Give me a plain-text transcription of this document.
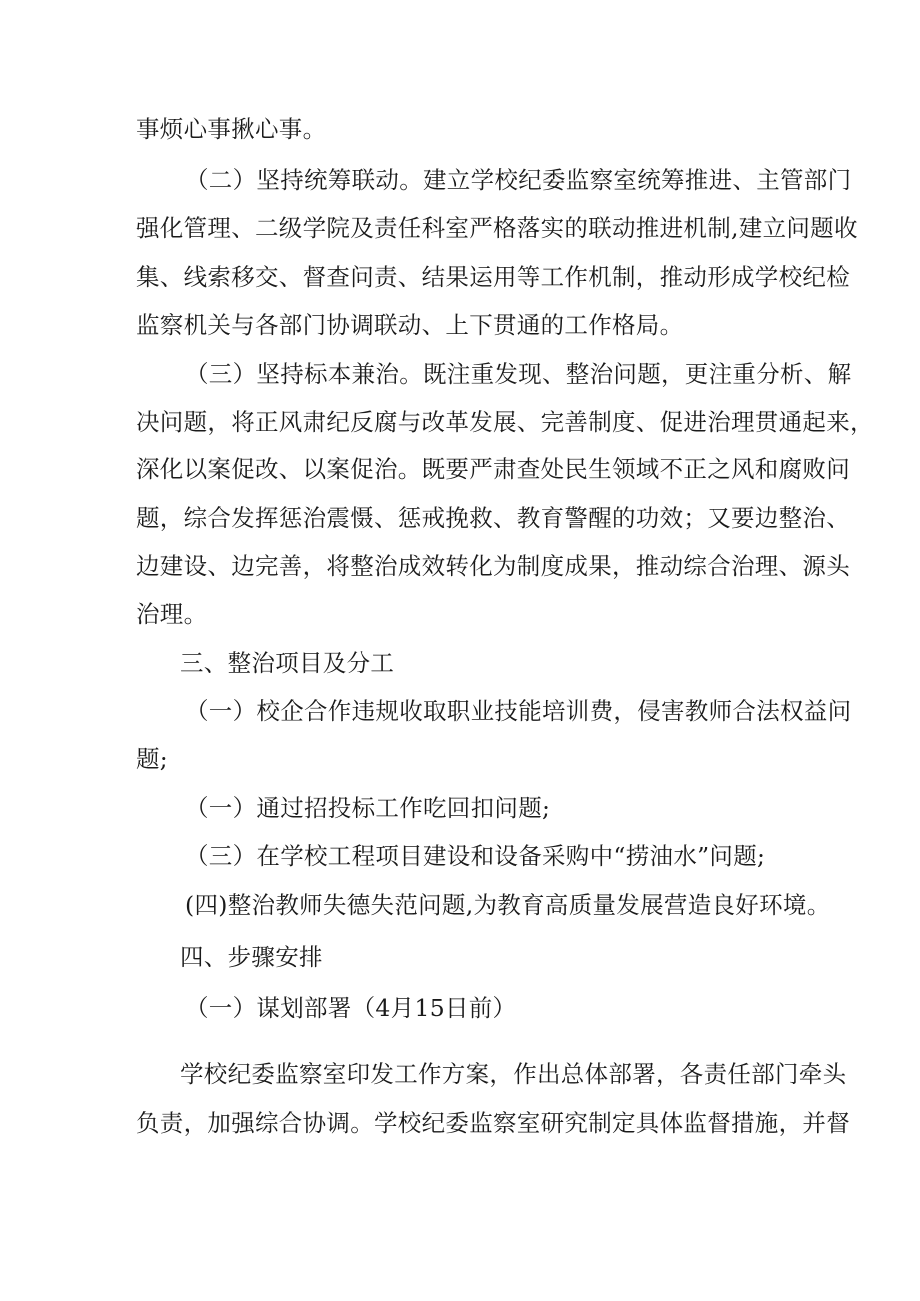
事烦心事揪心事。
（二）坚持统筹联动。建立学校纪委监察室统筹推进、主管部门
强化管理、二级学院及责任科室严格落实的联动推进机制,建立问题收
集、线索移交、督查问责、结果运用等工作机制，推动形成学校纪检
监察机关与各部门协调联动、上下贯通的工作格局。
（三）坚持标本兼治。既注重发现、整治问题，更注重分析、解
决问题，将正风肃纪反腐与改革发展、完善制度、促进治理贯通起来，
深化以案促改、以案促治。既要严肃查处民生领域不正之风和腐败问
题，综合发挥惩治震慑、惩戒挽救、教育警醒的功效；又要边整治、
边建设、边完善，将整治成效转化为制度成果，推动综合治理、源头
治理。
三、整治项目及分工
（一）校企合作违规收取职业技能培训费，侵害教师合法权益问
题;
（一）通过招投标工作吃回扣问题;
（三）在学校工程项目建设和设备采购中“捞油水”问题;
(四)整治教师失德失范问题,为教育高质量发展营造良好环境。
四、步骤安排
（一）谋划部署（4月15日前）
学校纪委监察室印发工作方案，作出总体部署，各责任部门牵头
负责，加强综合协调。学校纪委监察室研究制定具体监督措施，并督
